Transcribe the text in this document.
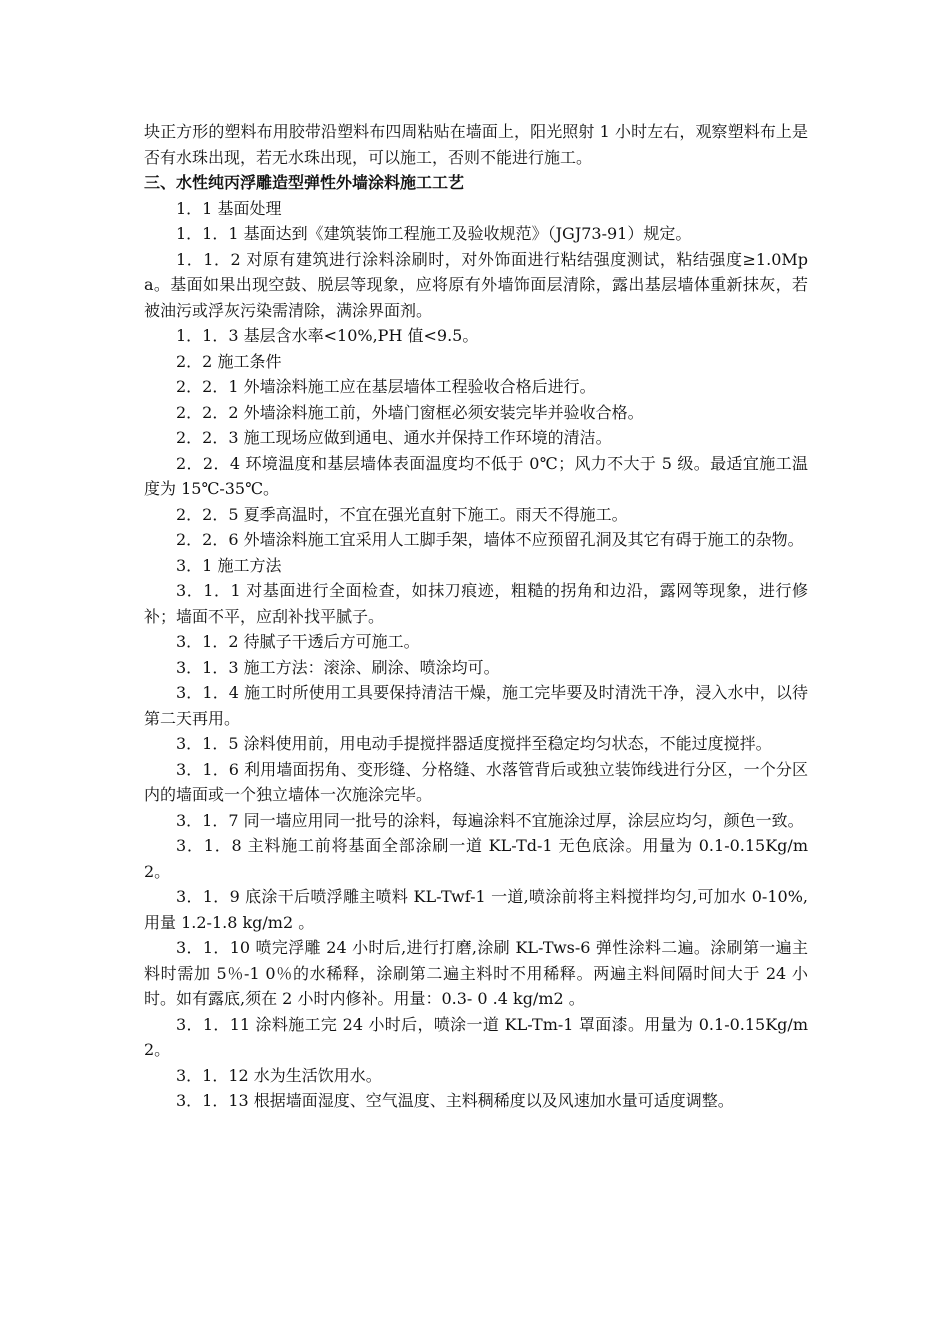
块正方形的塑料布用胶带沿塑料布四周粘贴在墙面上，阳光照射 1 小时左右，观察塑料布上是否有水珠出现，若无水珠出现，可以施工，否则不能进行施工。

三、水性纯丙浮雕造型弹性外墙涂料施工工艺

1．1 基面处理

1．1．1 基面达到《建筑装饰工程施工及验收规范》（JGJ73-91）规定。

1．1．2 对原有建筑进行涂料涂刷时，对外饰面进行粘结强度测试，粘结强度≥1.0Mpa。基面如果出现空鼓、脱层等现象，应将原有外墙饰面层清除，露出基层墙体重新抹灰，若被油污或浮灰污染需清除，满涂界面剂。

1．1．3 基层含水率<10%,PH 值<9.5。

2．2 施工条件

2．2．1 外墙涂料施工应在基层墙体工程验收合格后进行。

2．2．2 外墙涂料施工前，外墙门窗框必须安装完毕并验收合格。

2．2．3 施工现场应做到通电、通水并保持工作环境的清洁。

2．2．4 环境温度和基层墙体表面温度均不低于 0℃；风力不大于 5 级。最适宜施工温度为 15℃-35℃。

2．2．5 夏季高温时，不宜在强光直射下施工。雨天不得施工。

2．2．6 外墙涂料施工宜采用人工脚手架，墙体不应预留孔洞及其它有碍于施工的杂物。

3．1 施工方法

3．1．1 对基面进行全面检查，如抹刀痕迹，粗糙的拐角和边沿，露网等现象，进行修补；墙面不平，应刮补找平腻子。

3．1．2 待腻子干透后方可施工。

3．1．3 施工方法：滚涂、刷涂、喷涂均可。

3．1．4 施工时所使用工具要保持清洁干燥，施工完毕要及时清洗干净，浸入水中，以待第二天再用。

3．1．5 涂料使用前，用电动手提搅拌器适度搅拌至稳定均匀状态，不能过度搅拌。

3．1．6 利用墙面拐角、变形缝、分格缝、水落管背后或独立装饰线进行分区，一个分区内的墙面或一个独立墙体一次施涂完毕。

3．1．7 同一墙应用同一批号的涂料，每遍涂料不宜施涂过厚，涂层应均匀，颜色一致。

3．1．8 主料施工前将基面全部涂刷一道 KL-Td-1 无色底涂。用量为 0.1-0.15Kg/m2。

3．1．9 底涂干后喷浮雕主喷料 KL-Twf-1 一道,喷涂前将主料搅拌均匀,可加水 0-10%,用量 1.2-1.8 kg/m2 。

3．1．10 喷完浮雕 24 小时后,进行打磨,涂刷 KL-Tws-6 弹性涂料二遍。涂刷第一遍主料时需加 5％-1 0％的水稀释，涂刷第二遍主料时不用稀释。两遍主料间隔时间大于 24 小时。如有露底,须在 2 小时内修补。用量：0.3- 0 .4 kg/m2 。

3．1．11 涂料施工完 24 小时后，喷涂一道 KL-Tm-1 罩面漆。用量为 0.1-0.15Kg/m2。

3．1．12 水为生活饮用水。

3．1．13 根据墙面湿度、空气温度、主料稠稀度以及风速加水量可适度调整。
